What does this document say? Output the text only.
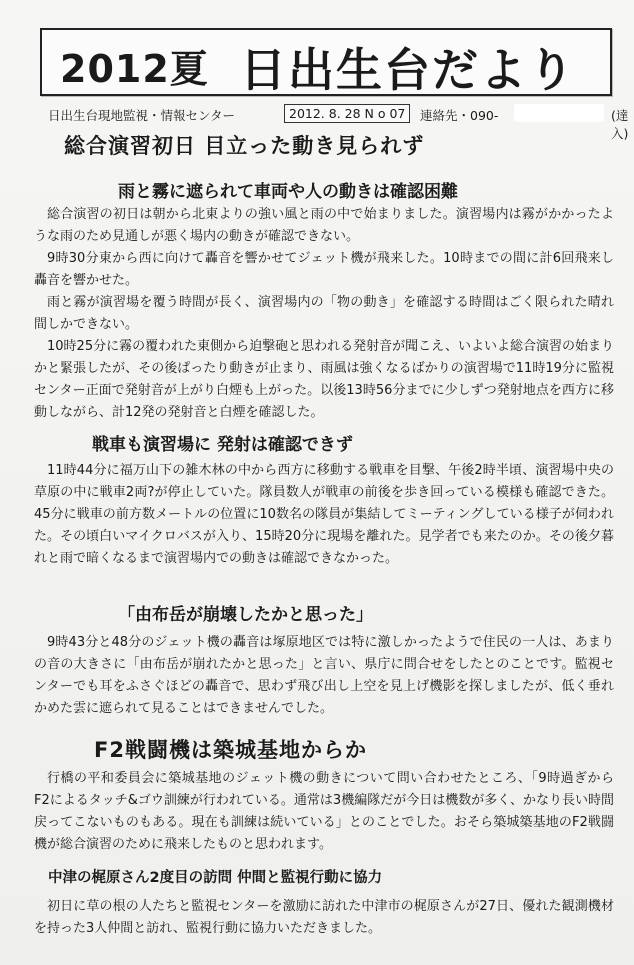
2012夏 日出生台だより
日出生台現地監視・情報センター	2012. 8. 28 N o 07	連絡先・090-	(達入)
総合演習初日 目立った動き見られず
雨と霧に遮られて車両や人の動きは確認困難

総合演習の初日は朝から北東よりの強い風と雨の中で始まりました。演習場内は霧がかかったような雨のため見通しが悪く場内の動きが確認できない。

9時30分東から西に向けて轟音を響かせてジェット機が飛来した。10時までの間に計6回飛来し轟音を響かせた。

雨と霧が演習場を覆う時間が長く、演習場内の「物の動き」を確認する時間はごく限られた晴れ間しかできない。

10時25分に霧の覆われた東側から迫撃砲と思われる発射音が聞こえ、いよいよ総合演習の始まりかと緊張したが、その後ぱったり動きが止まり、雨風は強くなるばかりの演習場で11時19分に監視センター正面で発射音が上がり白煙も上がった。以後13時56分までに少しずつ発射地点を西方に移動しながら、計12発の発射音と白煙を確認した。

戦車も演習場に 発射は確認できず

11時44分に福万山下の雑木林の中から西方に移動する戦車を目撃、午後2時半頃、演習場中央の草原の中に戦車2両?が停止していた。隊員数人が戦車の前後を歩き回っている模様も確認できた。45分に戦車の前方数メートルの位置に10数名の隊員が集結してミーティングしている様子が伺われた。その頃白いマイクロバスが入り、15時20分に現場を離れた。見学者でも来たのか。その後夕暮れと雨で暗くなるまで演習場内での動きは確認できなかった。

「由布岳が崩壊したかと思った」

9時43分と48分のジェット機の轟音は塚原地区では特に激しかったようで住民の一人は、あまりの音の大きさに「由布岳が崩れたかと思った」と言い、県庁に問合せをしたとのことです。監視センターでも耳をふさぐほどの轟音で、思わず飛び出し上空を見上げ機影を探しましたが、低く垂れかめた雲に遮られて見ることはできませんでした。

F2戦闘機は築城基地からか

行橋の平和委員会に築城基地のジェット機の動きについて問い合わせたところ、「9時過ぎから F2によるタッチ&ゴウ訓練が行われている。通常は3機編隊だが今日は機数が多く、かなり長い時間戻ってこないものもある。現在も訓練は続いている」とのことでした。おそら築城築基地のF2戦闘機が総合演習のために飛来したものと思われます。

中津の梶原さん2度目の訪問 仲間と監視行動に協力

初日に草の根の人たちと監視センターを激励に訪れた中津市の梶原さんが27日、優れた観測機材を持った3人仲間と訪れ、監視行動に協力いただきました。
